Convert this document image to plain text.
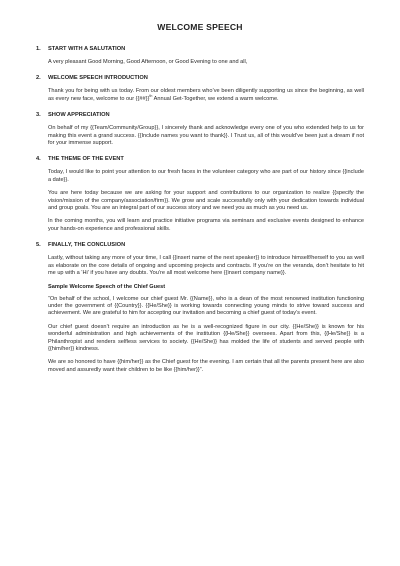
WELCOME SPEECH
1.	START WITH A SALUTATION

A very pleasant Good Morning, Good Afternoon, or Good Evening to one and all,

2.	WELCOME SPEECH INTRODUCTION

Thank you for being with us today. From our oldest members who’ve been diligently supporting us since the beginning, as well as every new face, welcome to our {{##}}$^{th}$ Annual Get-Together, we extend a warm welcome.

3.	SHOW APPRECIATION

On behalf of my {{Team/Community/Group}}, I sincerely thank and acknowledge every one of you who extended help to us for making this event a grand success. {{Include names you want to thank}}. I Trust us, all of this would’ve been just a dream if not for your immense support.

4.	THE THEME OF THE EVENT

Today, I would like to point your attention to our fresh faces in the volunteer category who are part of our history since {{include a date}}.

You are here today because we are asking for your support and contributions to our organization to realize {{specify the vision/mission of the company/association/firm}}. We grow and scale successfully only with your dedication towards individual and group goals. You are an integral part of our success story and we need you as much as you need us.

In the coming months, you will learn and practice initiative programs via seminars and exclusive events designed to enhance your hands-on experience and professional skills.

5.	FINALLY, THE CONCLUSION

Lastly, without taking any more of your time, I call {{insert name of the next speaker}} to introduce himself/herself to you as well as elaborate on the core details of ongoing and upcoming projects and contracts. If you’re on the veranda, don’t hesitate to hit me up with a ‘Hi’ if you have any doubts. You’re all most welcome here {{insert company name}}.

Sample Welcome Speech of the Chief Guest

“On behalf of the school, I welcome our chief guest Mr. {{Name}}, who is a dean of the most renowned institution functioning under the government of {{Country}}. {{He/She}} is working towards connecting young minds to strive toward success and achievement. We are grateful to him for accepting our invitation and becoming a chief guest of today’s event.

Our chief guest doesn’t require an introduction as he is a well-recognized figure in our city. {{He/She}} is known for his wonderful administration and high achievements of the institution {{He/She}} oversees. Apart from this, {{He/She}} is a Philanthropist and renders selfless services to society. {{He/She}} has molded the life of students and served people with {{him/her}} kindness.

We are so honored to have {{him/her}} as the Chief guest for the evening. I am certain that all the parents present here are also moved and assuredly want their children to be like {{him/her}}”.
